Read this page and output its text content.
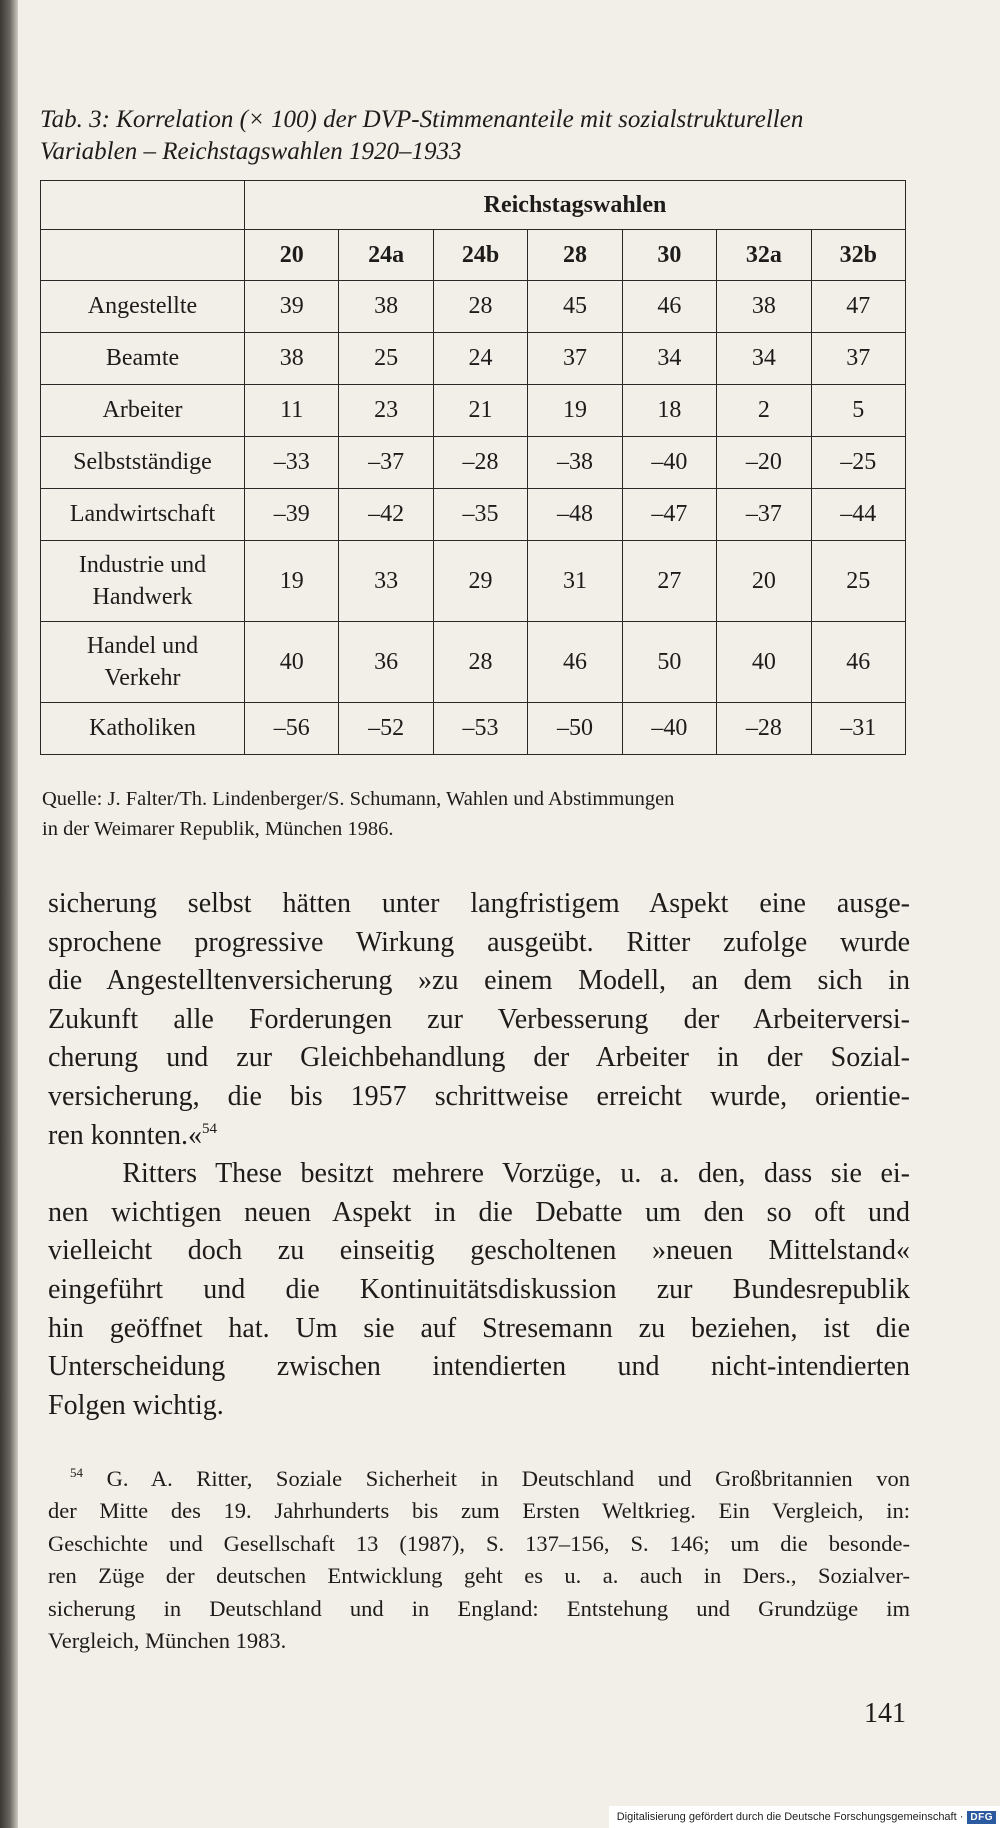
Tab. 3: Korrelation (× 100) der DVP-Stimmenanteile mit sozialstrukturellen
Variablen – Reichstagswahlen 1920–1933
	Reichstagswahlen						
	20	24a	24b	28	30	32a	32b
Angestellte	39	38	28	45	46	38	47
Beamte	38	25	24	37	34	34	37
Arbeiter	11	23	21	19	18	2	5
Selbstständige	–33	–37	–28	–38	–40	–20	–25
Landwirtschaft	–39	–42	–35	–48	–47	–37	–44

Industrie und
Handwerk	19	33	29	31	27	20	25

Handel und
Verkehr	40	36	28	46	50	40	46
Katholiken	–56	–52	–53	–50	–40	–28	–31
Quelle: J. Falter/Th. Lindenberger/S. Schumann, Wahlen und Abstimmungen
in der Weimarer Republik, München 1986.
sicherung selbst hätten unter langfristigem Aspekt eine ausge-
sprochene progressive Wirkung ausgeübt. Ritter zufolge wurde
die Angestelltenversicherung »zu einem Modell, an dem sich in
Zukunft alle Forderungen zur Verbesserung der Arbeiterversi-
cherung und zur Gleichbehandlung der Arbeiter in der Sozial-
versicherung, die bis 1957 schrittweise erreicht wurde, orientie-
ren konnten.«$^{54}$
Ritters These besitzt mehrere Vorzüge, u. a. den, dass sie ei-
nen wichtigen neuen Aspekt in die Debatte um den so oft und
vielleicht doch zu einseitig gescholtenen »neuen Mittelstand«
eingeführt und die Kontinuitätsdiskussion zur Bundesrepublik
hin geöffnet hat. Um sie auf Stresemann zu beziehen, ist die
Unterscheidung zwischen intendierten und nicht-intendierten
Folgen wichtig.
$^{54}$ G. A. Ritter, Soziale Sicherheit in Deutschland und Großbritannien von
der Mitte des 19. Jahrhunderts bis zum Ersten Weltkrieg. Ein Vergleich, in:
Geschichte und Gesellschaft 13 (1987), S. 137–156, S. 146; um die besonde-
ren Züge der deutschen Entwicklung geht es u. a. auch in Ders., Sozialver-
sicherung in Deutschland und in England: Entstehung und Grundzüge im
Vergleich, München 1983.
141
Digitalisierung gefördert durch die Deutsche Forschungsgemeinschaft · DFG
